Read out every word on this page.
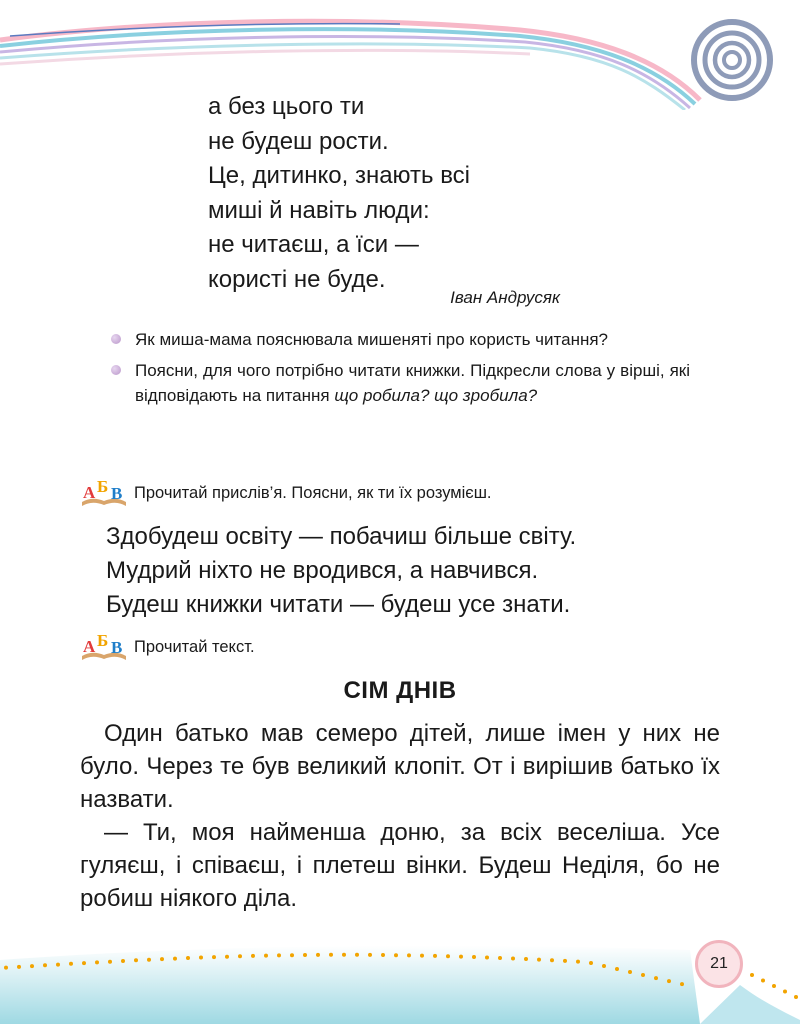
а без цього ти
не будеш рости.
Це, дитинко, знають всі
миші й навіть люди:
не читаєш, а їси —
користі не буде.
Іван Андрусяк
Як миша-мама пояснювала мишеняті про користь читання?
Поясни, для чого потрібно читати книжки. Підкресли слова у вірші, які відповідають на питання що робила? що зробила?
А Б В Прочитай прислів’я. Поясни, як ти їх розумієш.
Здобудеш освіту — побачиш більше світу.
Мудрий ніхто не вродився, а навчився.
Будеш книжки читати — будеш усе знати.
А Б В Прочитай текст.
СІМ ДНІВ

Один батько мав семеро дітей, лише імен у них не було. Через те був великий клопіт. От і вирішив батько їх назвати.

— Ти, моя найменша доню, за всіх веселіша. Усе гуляєш, і співаєш, і плетеш вінки. Будеш Неділя, бо не робиш ніякого діла.

21
